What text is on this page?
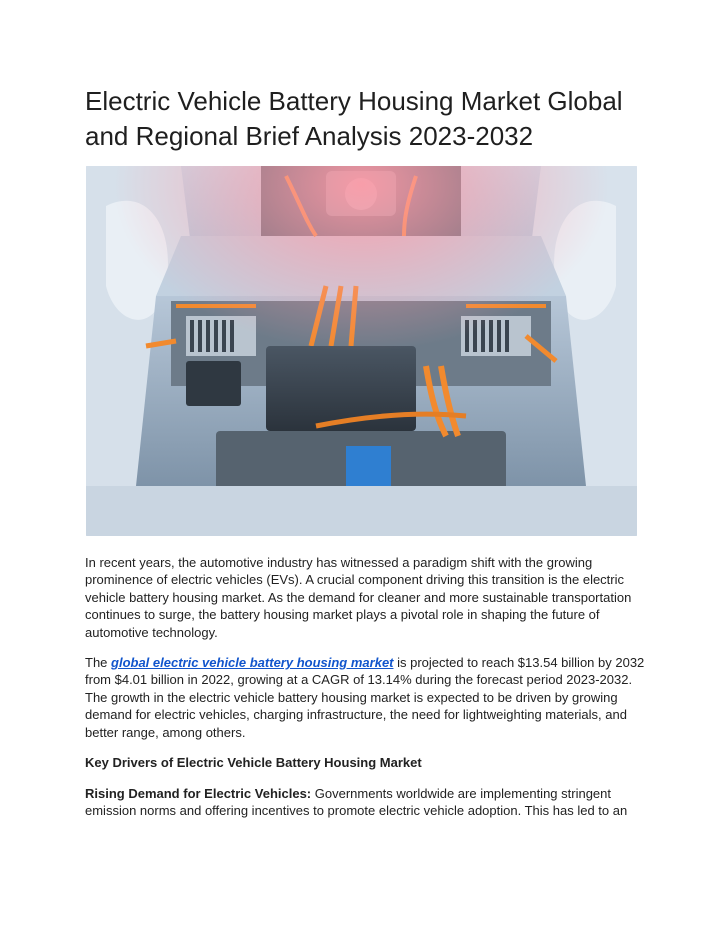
Electric Vehicle Battery Housing Market Global and Regional Brief Analysis 2023-2032

In recent years, the automotive industry has witnessed a paradigm shift with the growing prominence of electric vehicles (EVs). A crucial component driving this transition is the electric vehicle battery housing market. As the demand for cleaner and more sustainable transportation continues to surge, the battery housing market plays a pivotal role in shaping the future of automotive technology.

The global electric vehicle battery housing market is projected to reach $13.54 billion by 2032 from $4.01 billion in 2022, growing at a CAGR of 13.14% during the forecast period 2023-2032. The growth in the electric vehicle battery housing market is expected to be driven by growing demand for electric vehicles, charging infrastructure, the need for lightweighting materials, and better range, among others.

Key Drivers of Electric Vehicle Battery Housing Market

Rising Demand for Electric Vehicles: Governments worldwide are implementing stringent emission norms and offering incentives to promote electric vehicle adoption. This has led to an
